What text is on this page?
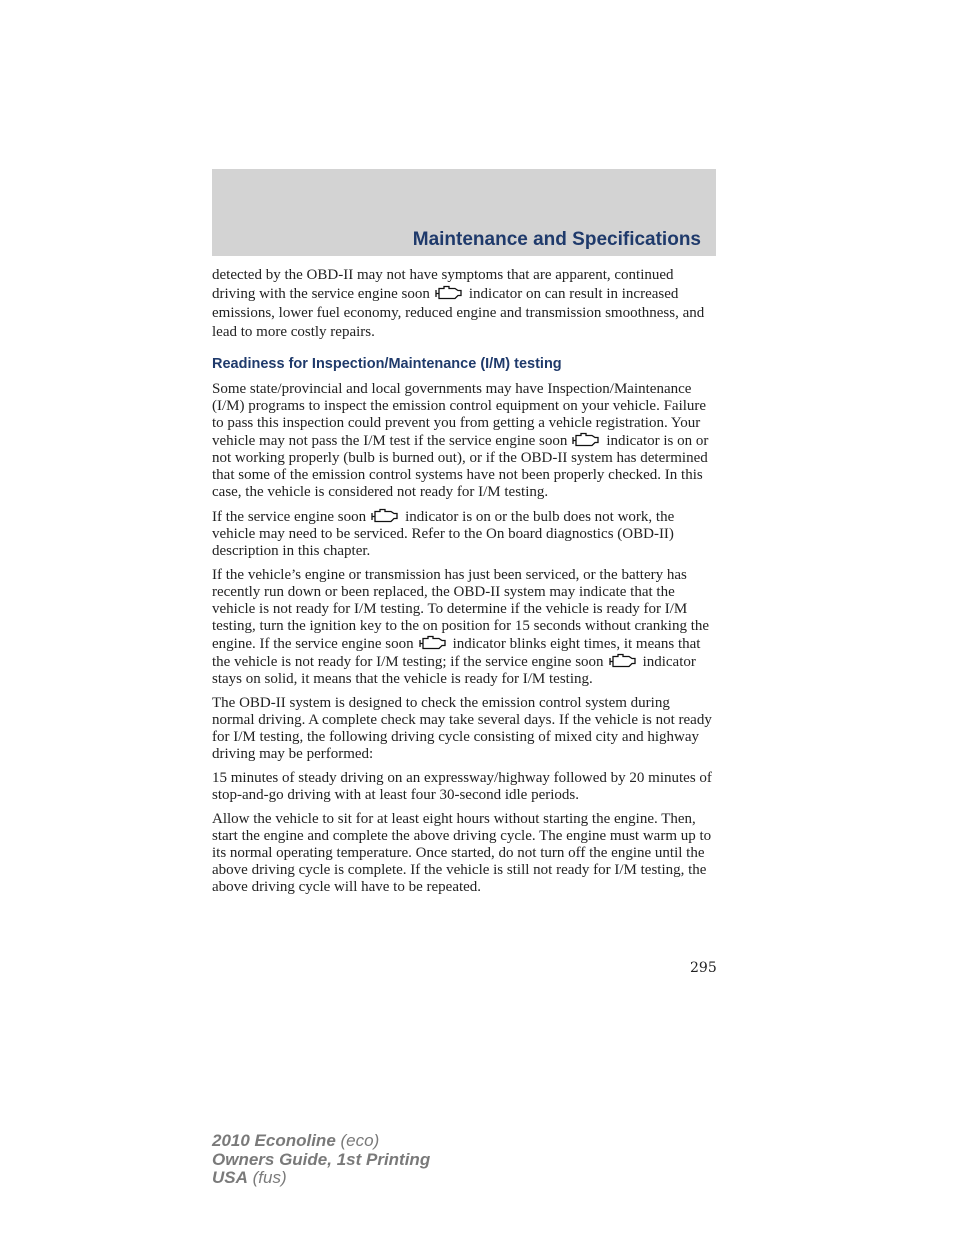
Maintenance and Specifications

detected by the OBD-II may not have symptoms that are apparent, continued driving with the service engine soon	indicator on can result in increased emissions, lower fuel economy, reduced engine and transmission smoothness, and lead to more costly repairs.

Readiness for Inspection/Maintenance (I/M) testing

Some state/provincial and local governments may have Inspection/Maintenance (I/M) programs to inspect the emission control equipment on your vehicle. Failure to pass this inspection could prevent you from getting a vehicle registration. Your vehicle may not pass the I/M test if the service engine soon	indicator is on or not working properly (bulb is burned out), or if the OBD-II system has determined that some of the emission control systems have not been properly checked. In this case, the vehicle is considered not ready for I/M testing.

If the service engine soon	indicator is on or the bulb does not work, the vehicle may need to be serviced. Refer to the On board diagnostics (OBD-II) description in this chapter.

If the vehicle’s engine or transmission has just been serviced, or the battery has recently run down or been replaced, the OBD-II system may indicate that the vehicle is not ready for I/M testing. To determine if the vehicle is ready for I/M testing, turn the ignition key to the on position for 15 seconds without cranking the engine. If the service engine soon	indicator blinks eight times, it means that the vehicle is not ready for I/M testing; if the service engine soon	indicator stays on solid, it means that the vehicle is ready for I/M testing.

The OBD-II system is designed to check the emission control system during normal driving. A complete check may take several days. If the vehicle is not ready for I/M testing, the following driving cycle consisting of mixed city and highway driving may be performed:

15 minutes of steady driving on an expressway/highway followed by 20 minutes of stop-and-go driving with at least four 30-second idle periods.

Allow the vehicle to sit for at least eight hours without starting the engine. Then, start the engine and complete the above driving cycle. The engine must warm up to its normal operating temperature. Once started, do not turn off the engine until the above driving cycle is complete. If the vehicle is still not ready for I/M testing, the above driving cycle will have to be repeated.

295
2010 Econoline (eco)
Owners Guide, 1st Printing
USA (fus)
